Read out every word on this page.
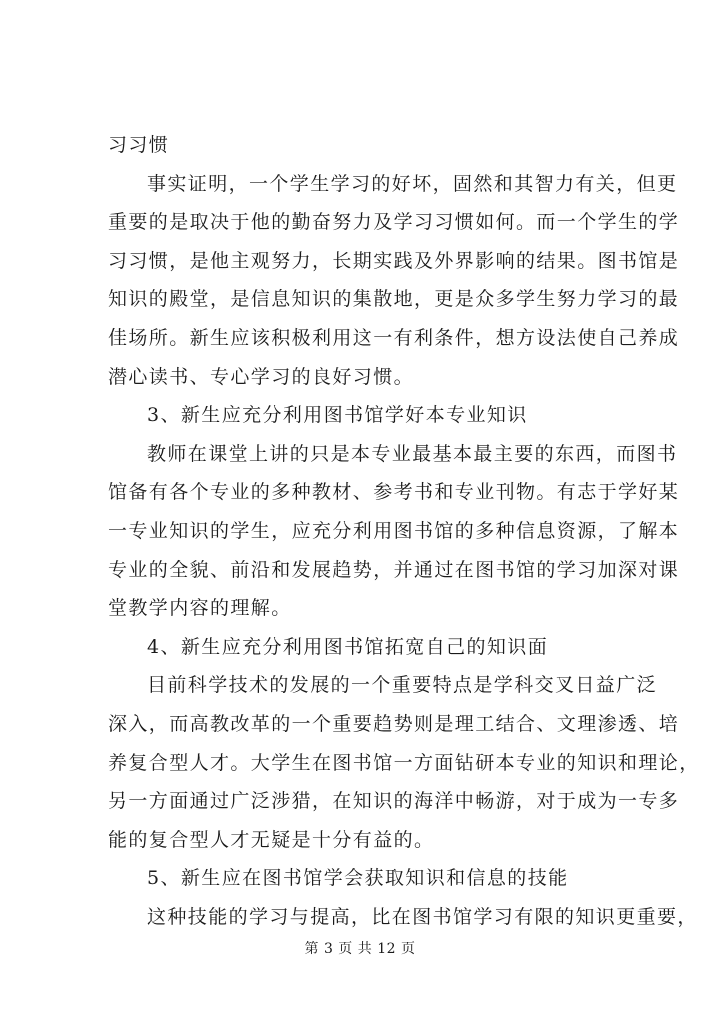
习习惯
事实证明，一个学生学习的好坏，固然和其智力有关，但更
重要的是取决于他的勤奋努力及学习习惯如何。而一个学生的学
习习惯，是他主观努力，长期实践及外界影响的结果。图书馆是
知识的殿堂，是信息知识的集散地，更是众多学生努力学习的最
佳场所。新生应该积极利用这一有利条件，想方设法使自己养成
潜心读书、专心学习的良好习惯。
3、新生应充分利用图书馆学好本专业知识
教师在课堂上讲的只是本专业最基本最主要的东西，而图书
馆备有各个专业的多种教材、参考书和专业刊物。有志于学好某
一专业知识的学生，应充分利用图书馆的多种信息资源，了解本
专业的全貌、前沿和发展趋势，并通过在图书馆的学习加深对课
堂教学内容的理解。
4、新生应充分利用图书馆拓宽自己的知识面
目前科学技术的发展的一个重要特点是学科交叉日益广泛
深入，而高教改革的一个重要趋势则是理工结合、文理渗透、培
养复合型人才。大学生在图书馆一方面钻研本专业的知识和理论，
另一方面通过广泛涉猎，在知识的海洋中畅游，对于成为一专多
能的复合型人才无疑是十分有益的。
5、新生应在图书馆学会获取知识和信息的技能
这种技能的学习与提高，比在图书馆学习有限的知识更重要，
第 3 页 共 12 页
